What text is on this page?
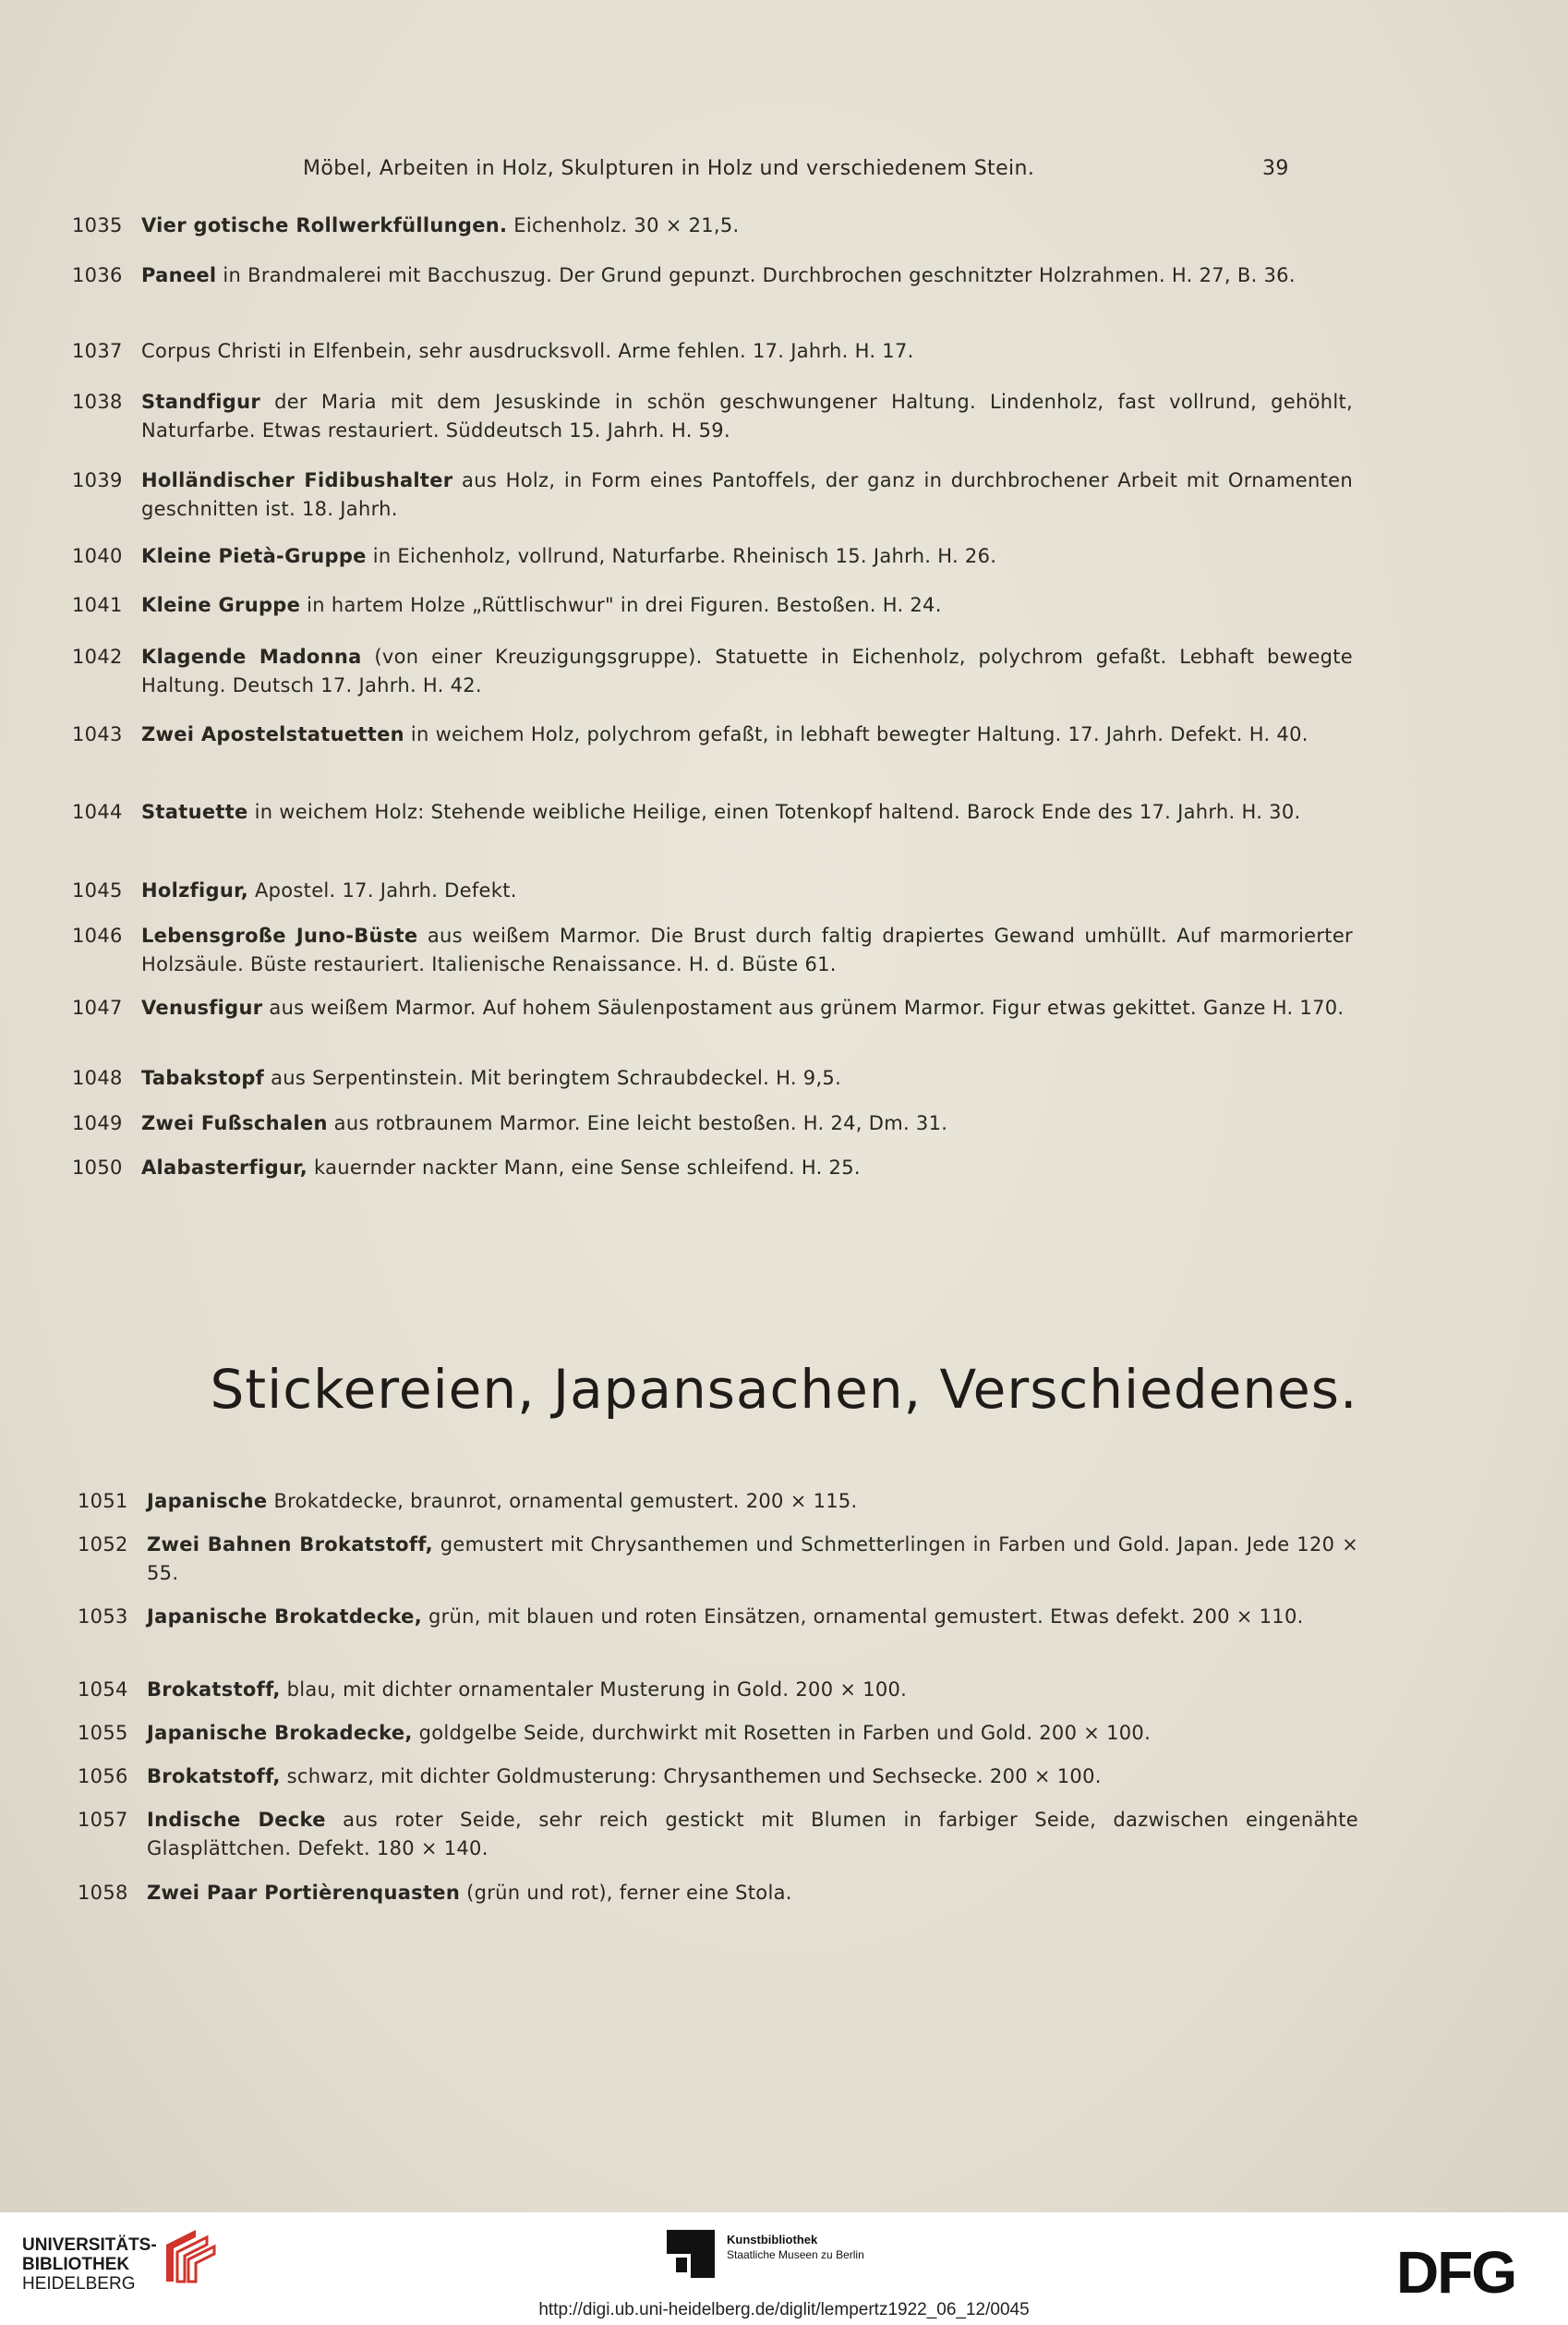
Möbel, Arbeiten in Holz, Skulpturen in Holz und verschiedenem Stein.	39
1035 Vier gotische Rollwerkfüllungen. Eichenholz. 30 × 21,5.
1036 Paneel in Brandmalerei mit Bacchuszug. Der Grund gepunzt. Durchbrochen geschnitzter Holzrahmen. H. 27, B. 36.
1037 Corpus Christi in Elfenbein, sehr ausdrucksvoll. Arme fehlen. 17. Jahrh. H. 17.
1038 Standfigur der Maria mit dem Jesuskinde in schön geschwungener Haltung. Lindenholz, fast vollrund, gehöhlt, Naturfarbe. Etwas restauriert. Süddeutsch 15. Jahrh. H. 59.
1039 Holländischer Fidibushalter aus Holz, in Form eines Pantoffels, der ganz in durchbrochener Arbeit mit Ornamenten geschnitten ist. 18. Jahrh.
1040 Kleine Pietà-Gruppe in Eichenholz, vollrund, Naturfarbe. Rheinisch 15. Jahrh. H. 26.
1041 Kleine Gruppe in hartem Holze „Rüttlischwur" in drei Figuren. Bestoßen. H. 24.
1042 Klagende Madonna (von einer Kreuzigungsgruppe). Statuette in Eichenholz, polychrom gefaßt. Lebhaft bewegte Haltung. Deutsch 17. Jahrh. H. 42.
1043 Zwei Apostelstatuetten in weichem Holz, polychrom gefaßt, in lebhaft bewegter Haltung. 17. Jahrh. Defekt. H. 40.
1044 Statuette in weichem Holz: Stehende weibliche Heilige, einen Totenkopf haltend. Barock Ende des 17. Jahrh. H. 30.
1045 Holzfigur, Apostel. 17. Jahrh. Defekt.
1046 Lebensgroße Juno-Büste aus weißem Marmor. Die Brust durch faltig drapiertes Gewand umhüllt. Auf marmorierter Holzsäule. Büste restauriert. Italienische Renaissance. H. d. Büste 61.
1047 Venusfigur aus weißem Marmor. Auf hohem Säulenpostament aus grünem Marmor. Figur etwas gekittet. Ganze H. 170.
1048 Tabakstopf aus Serpentinstein. Mit beringtem Schraubdeckel. H. 9,5.
1049 Zwei Fußschalen aus rotbraunem Marmor. Eine leicht bestoßen. H. 24, Dm. 31.
1050 Alabasterfigur, kauernder nackter Mann, eine Sense schleifend. H. 25.
Stickereien, Japansachen, Verschiedenes.
1051 Japanische Brokatdecke, braunrot, ornamental gemustert. 200 × 115.
1052 Zwei Bahnen Brokatstoff, gemustert mit Chrysanthemen und Schmetterlingen in Farben und Gold. Japan. Jede 120 × 55.
1053 Japanische Brokatdecke, grün, mit blauen und roten Einsätzen, ornamental gemustert. Etwas defekt. 200 × 110.
1054 Brokatstoff, blau, mit dichter ornamentaler Musterung in Gold. 200 × 100.
1055 Japanische Brokadecke, goldgelbe Seide, durchwirkt mit Rosetten in Farben und Gold. 200 × 100.
1056 Brokatstoff, schwarz, mit dichter Goldmusterung: Chrysanthemen und Sechsecke. 200 × 100.
1057 Indische Decke aus roter Seide, sehr reich gestickt mit Blumen in farbiger Seide, dazwischen eingenähte Glasplättchen. Defekt. 180 × 140.
1058 Zwei Paar Portièrenquasten (grün und rot), ferner eine Stola.
UNIVERSITÄTS-
BIBLIOTHEK
HEIDELBERG
Kunstbibliothek
Staatliche Museen zu Berlin	DFG
http://digi.ub.uni-heidelberg.de/diglit/lempertz1922_06_12/0045
